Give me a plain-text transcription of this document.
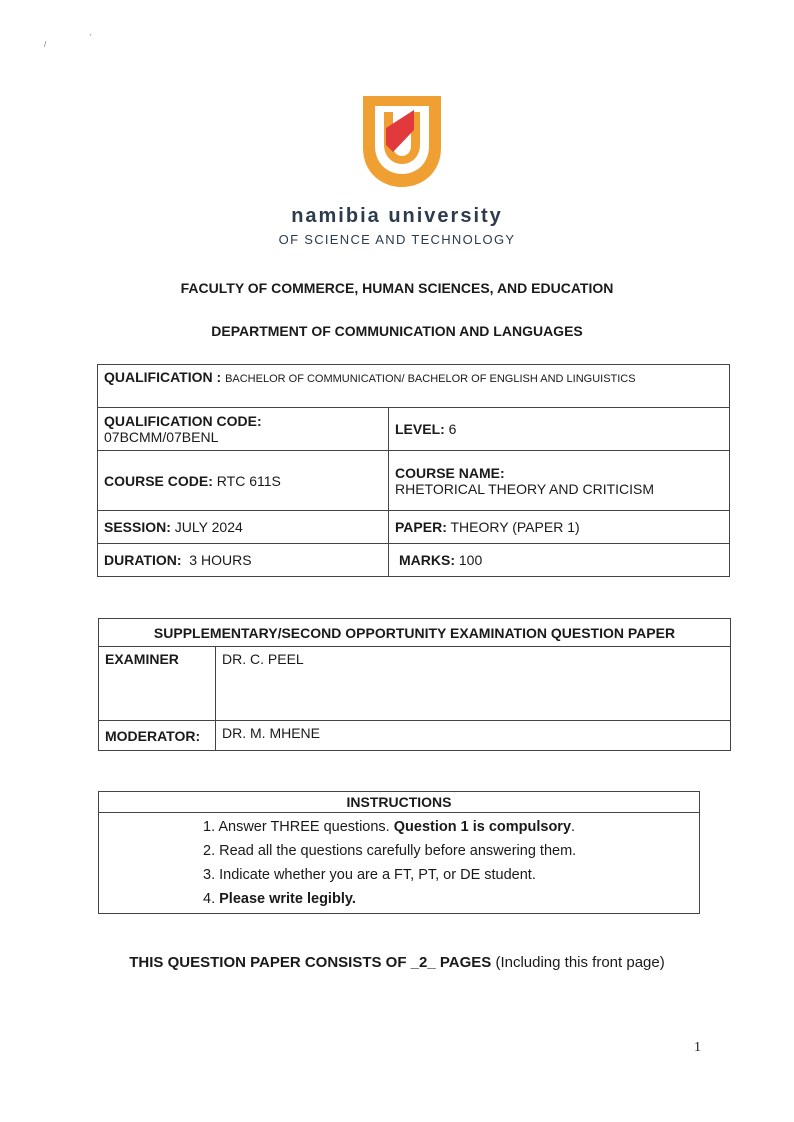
/
'
namibia university
OF SCIENCE AND TECHNOLOGY
FACULTY OF COMMERCE, HUMAN SCIENCES, AND EDUCATION
DEPARTMENT OF COMMUNICATION AND LANGUAGES
QUALIFICATION : BACHELOR OF COMMUNICATION/ BACHELOR OF ENGLISH AND LINGUISTICS	

QUALIFICATION CODE:
07BCMM/07BENL	LEVEL: 6
COURSE CODE: RTC 611S	COURSE NAME:
RHETORICAL THEORY AND CRITICISM

SESSION: JULY 2024	PAPER: THEORY (PAPER 1)
DURATION: 3 HOURS	MARKS: 100
SUPPLEMENTARY/SECOND OPPORTUNITY EXAMINATION QUESTION PAPER	
EXAMINER	DR. C. PEEL
MODERATOR:	DR. M. MHENE
INSTRUCTIONS

1. Answer THREE questions. Question 1 is compulsory.
2. Read all the questions carefully before answering them.
3. Indicate whether you are a FT, PT, or DE student.
4. Please write legibly.
THIS QUESTION PAPER CONSISTS OF _2_ PAGES (Including this front page)
1
